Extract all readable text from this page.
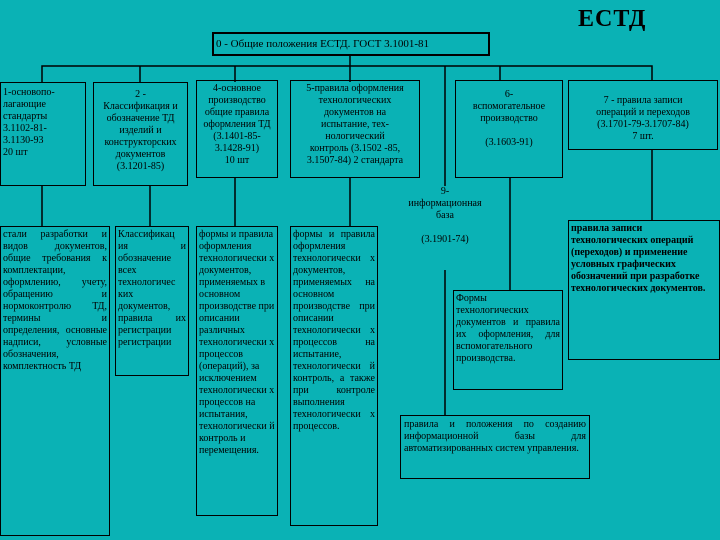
ЕСТД
0 - Общие положения ЕСТД. ГОСТ 3.1001-81
1-основопо-
лагающие
стандарты
3.1102-81-
3.1130-93
20 шт
2 -
Классификация и
обозначение ТД
изделий и
конструкторских
документов
(3.1201-85)
4-основное
производство
общие правила
оформления ТД
(3.1401-85-
3.1428-91)
10 шт
5-правила оформления
технологических
документов на
испытание, тех-
нологический
контроль (3.1502 -85,
3.1507-84) 2 стандарта
6-
вспомогательное
производство

(3.1603-91)
7 - правила записи
операций и переходов
(3.1701-79-3.1707-84)
7 шт.
9-
информационная
база

(3.1901-74)
стали разработки и видов документов, общие требования к комплектации, оформлению, учету, обращению и нормоконтролю ТД, термины и определения, основные надписи, условные обозначения, комплектность ТД
Классификац ия и обозначение всех технологичес ких документов, правила их регистрации регистрации
формы и правила оформления технологически х документов, применяемых в основном производстве при описании различных технологически х процессов (операций), за исключением технологически х процессов на испытания, технологически й контроль и перемещения.
формы и правила оформления технологически х документов, применяемых на основном производстве при описании технологически х процессов на испытание, технологически й контроль, а также при контроле выполнения технологически х процессов.
Формы технологических документов и правила их оформления, для вспомогательного производства.
правила записи технологических операций (переходов) и применение условных графических обозначений при разработке технологических документов.
правила и положения по созданию информационной базы для автоматизированных систем управления.
